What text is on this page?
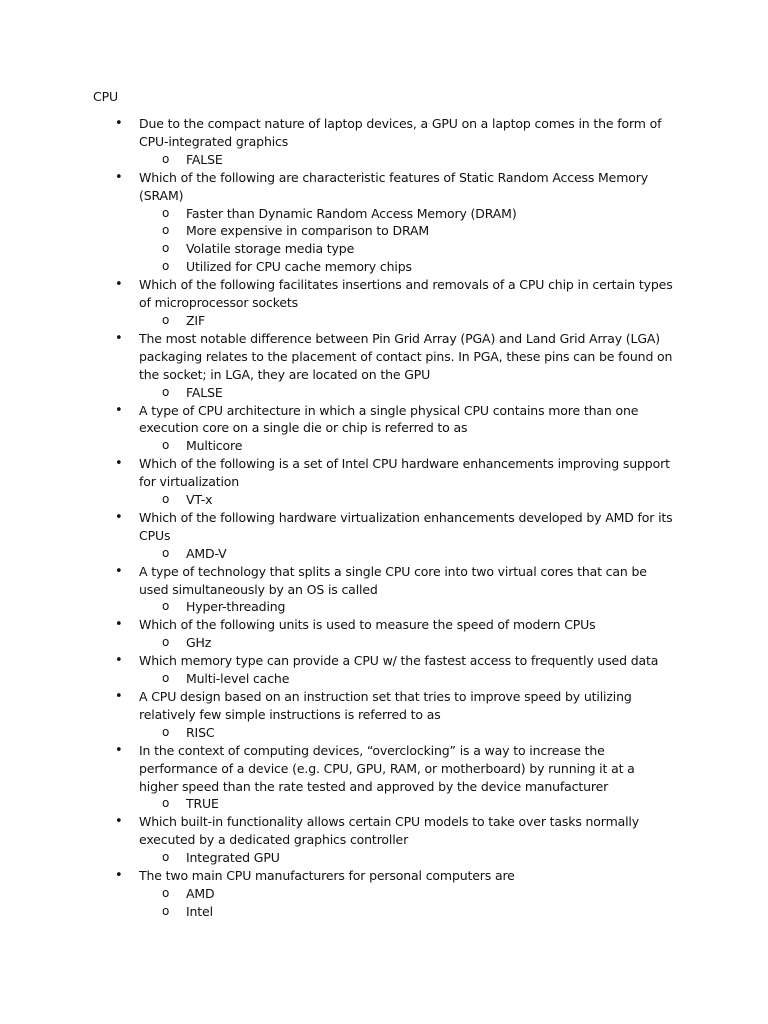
CPU
• Due to the compact nature of laptop devices, a GPU on a laptop comes in the form of CPU-integrated graphics
o FALSE
• Which of the following are characteristic features of Static Random Access Memory (SRAM)
o Faster than Dynamic Random Access Memory (DRAM)
o More expensive in comparison to DRAM
o Volatile storage media type
o Utilized for CPU cache memory chips
• Which of the following facilitates insertions and removals of a CPU chip in certain types of microprocessor sockets
o ZIF
• The most notable difference between Pin Grid Array (PGA) and Land Grid Array (LGA) packaging relates to the placement of contact pins. In PGA, these pins can be found on the socket; in LGA, they are located on the GPU
o FALSE
• A type of CPU architecture in which a single physical CPU contains more than one execution core on a single die or chip is referred to as
o Multicore
• Which of the following is a set of Intel CPU hardware enhancements improving support for virtualization
o VT-x
• Which of the following hardware virtualization enhancements developed by AMD for its CPUs
o AMD-V
• A type of technology that splits a single CPU core into two virtual cores that can be used simultaneously by an OS is called
o Hyper-threading
• Which of the following units is used to measure the speed of modern CPUs
o GHz
• Which memory type can provide a CPU w/ the fastest access to frequently used data
o Multi-level cache
• A CPU design based on an instruction set that tries to improve speed by utilizing relatively few simple instructions is referred to as
o RISC
• In the context of computing devices, “overclocking” is a way to increase the performance of a device (e.g. CPU, GPU, RAM, or motherboard) by running it at a higher speed than the rate tested and approved by the device manufacturer
o TRUE
• Which built-in functionality allows certain CPU models to take over tasks normally executed by a dedicated graphics controller
o Integrated GPU
• The two main CPU manufacturers for personal computers are
o AMD
o Intel
